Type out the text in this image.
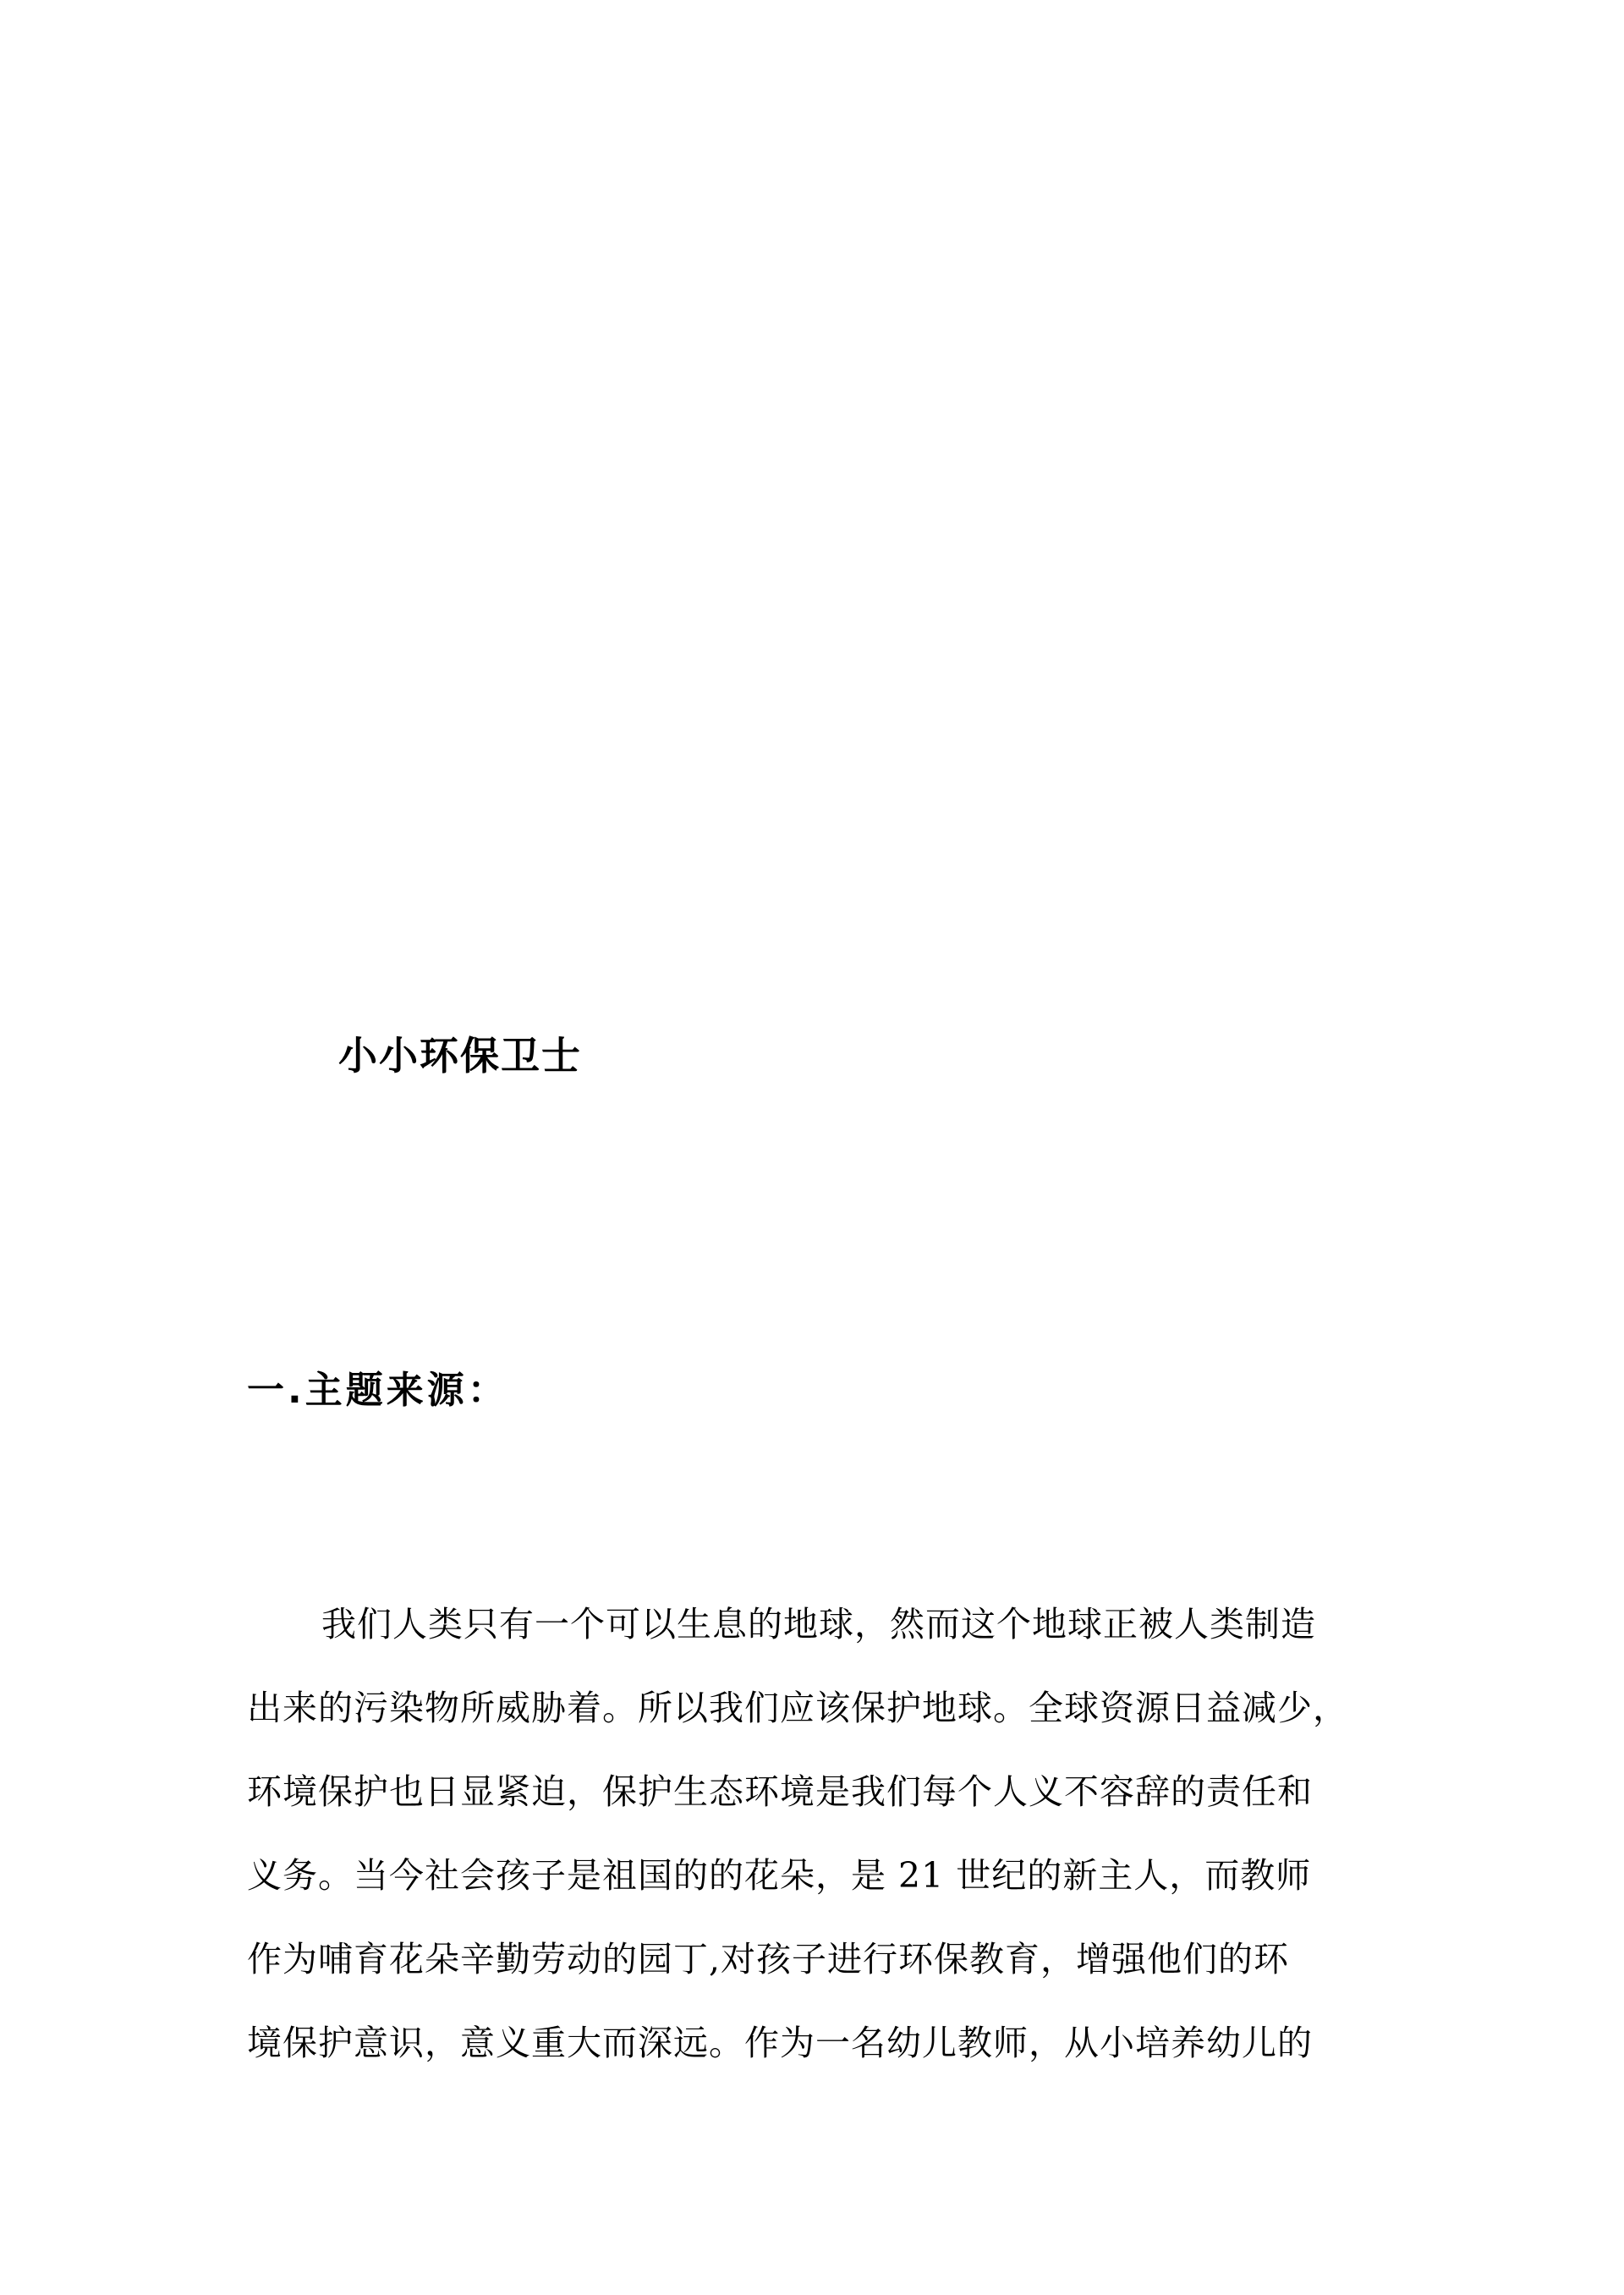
小小环保卫士
一.主题来源：
我们人类只有一个可以生息的地球，然而这个地球正被人类制造
出来的污染物所威胁着。所以我们应该保护地球。全球资源日益减少，
环境保护也日显紧迫，保护生态环境是我们每个人义不容辞的责任和
义务。当今社会孩子是祖国的的花朵，是 21 世纪的新主人，而教师
作为哺育花朵辛勤劳动的园丁,对孩子进行环保教育，增强他们的环
境保护意识，意义重大而深远。作为一名幼儿教师，从小培养幼儿的
